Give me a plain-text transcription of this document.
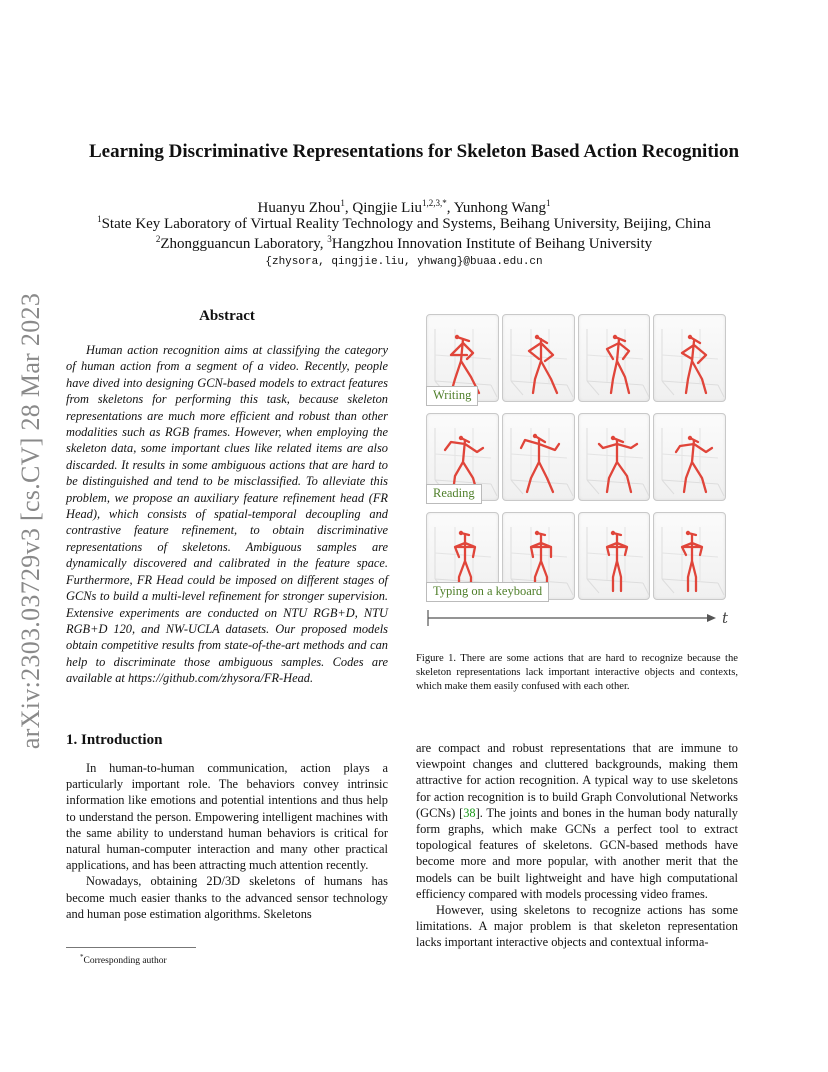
arXiv:2303.03729v3 [cs.CV] 28 Mar 2023
Learning Discriminative Representations for Skeleton Based Action Recognition

Huanyu Zhou$^1$, Qingjie Liu$^{1,2,3,*}$, Yunhong Wang$^1$

$^1$State Key Laboratory of Virtual Reality Technology and Systems, Beihang University, Beijing, China

$^2$Zhongguancun Laboratory, $^3$Hangzhou Innovation Institute of Beihang University

{zhysora, qingjie.liu, yhwang}@buaa.edu.cn

Abstract

Human action recognition aims at classifying the category of human action from a segment of a video. Recently, people have dived into designing GCN-based models to extract features from skeletons for performing this task, because skeleton representations are much more efficient and robust than other modalities such as RGB frames. However, when employing the skeleton data, some important clues like related items are also discarded. It results in some ambiguous actions that are hard to be distinguished and tend to be misclassified. To alleviate this problem, we propose an auxiliary feature refinement head (FR Head), which consists of spatial-temporal decoupling and contrastive feature refinement, to obtain discriminative representations of skeletons. Ambiguous samples are dynamically discovered and calibrated in the feature space. Furthermore, FR Head could be imposed on different stages of GCNs to build a multi-level refinement for stronger supervision. Extensive experiments are conducted on NTU RGB+D, NTU RGB+D 120, and NW-UCLA datasets. Our proposed models obtain competitive results from state-of-the-art methods and can help to discriminate those ambiguous samples. Codes are available at https://github.com/zhysora/FR-Head.

1. Introduction

In human-to-human communication, action plays a particularly important role. The behaviors convey intrinsic information like emotions and potential intentions and thus help to understand the person. Empowering intelligent machines with the same ability to understand human behaviors is critical for natural human-computer interaction and many other practical applications, and has been attracting much attention recently.

Nowadays, obtaining 2D/3D skeletons of humans has become much easier thanks to the advanced sensor technology and human pose estimation algorithms. Skeletons

*Corresponding author

Writing
Reading
Typing on a keyboard
t

Figure 1. There are some actions that are hard to recognize because the skeleton representations lack important interactive objects and contexts, which make them easily confused with each other.

are compact and robust representations that are immune to viewpoint changes and cluttered backgrounds, making them attractive for action recognition. A typical way to use skeletons for action recognition is to build Graph Convolutional Networks (GCNs) [38]. The joints and bones in the human body naturally form graphs, which make GCNs a perfect tool to extract topological features of skeletons. GCN-based methods have become more and more popular, with another merit that the models can be built lightweight and have high computational efficiency compared with models processing video frames.

However, using skeletons to recognize actions has some limitations. A major problem is that skeleton representation lacks important interactive objects and contextual informa-
